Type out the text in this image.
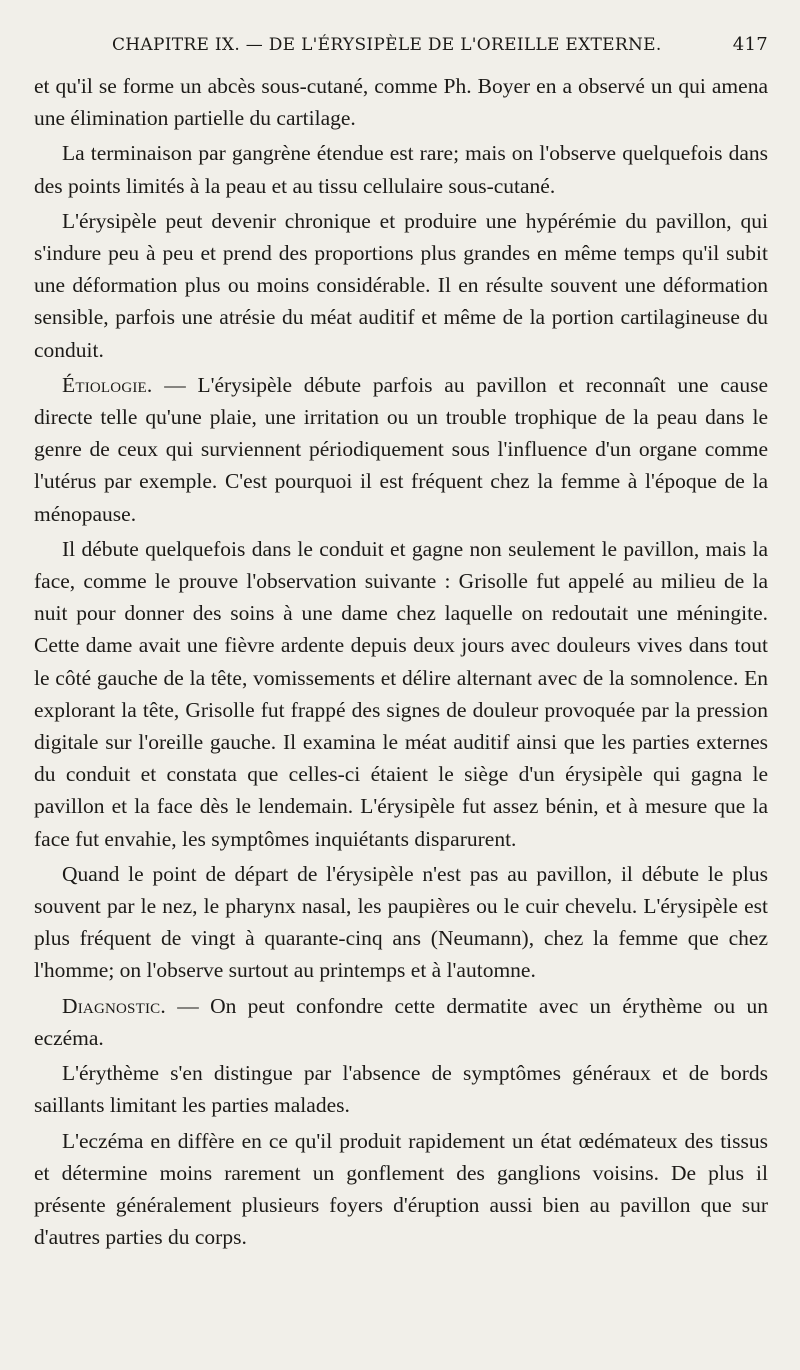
CHAPITRE IX. — DE L'ÉRYSIPÈLE DE L'OREILLE EXTERNE.	417

et qu'il se forme un abcès sous-cutané, comme Ph. Boyer en a observé un qui amena une élimination partielle du cartilage.

La terminaison par gangrène étendue est rare; mais on l'observe quelquefois dans des points limités à la peau et au tissu cellulaire sous-cutané.

L'érysipèle peut devenir chronique et produire une hypérémie du pavillon, qui s'indure peu à peu et prend des proportions plus grandes en même temps qu'il subit une déformation plus ou moins considérable. Il en résulte souvent une déformation sensible, parfois une atrésie du méat auditif et même de la portion cartilagineuse du conduit.

Étiologie. — L'érysipèle débute parfois au pavillon et reconnaît une cause directe telle qu'une plaie, une irritation ou un trouble trophique de la peau dans le genre de ceux qui surviennent périodiquement sous l'influence d'un organe comme l'utérus par exemple. C'est pourquoi il est fréquent chez la femme à l'époque de la ménopause.

Il débute quelquefois dans le conduit et gagne non seulement le pavillon, mais la face, comme le prouve l'observation suivante : Grisolle fut appelé au milieu de la nuit pour donner des soins à une dame chez laquelle on redoutait une méningite. Cette dame avait une fièvre ardente depuis deux jours avec douleurs vives dans tout le côté gauche de la tête, vomissements et délire alternant avec de la somnolence. En explorant la tête, Grisolle fut frappé des signes de douleur provoquée par la pression digitale sur l'oreille gauche. Il examina le méat auditif ainsi que les parties externes du conduit et constata que celles-ci étaient le siège d'un érysipèle qui gagna le pavillon et la face dès le lendemain. L'érysipèle fut assez bénin, et à mesure que la face fut envahie, les symptômes inquiétants disparurent.

Quand le point de départ de l'érysipèle n'est pas au pavillon, il débute le plus souvent par le nez, le pharynx nasal, les paupières ou le cuir chevelu. L'érysipèle est plus fréquent de vingt à quarante-cinq ans (Neumann), chez la femme que chez l'homme; on l'observe surtout au printemps et à l'automne.

Diagnostic. — On peut confondre cette dermatite avec un érythème ou un eczéma.

L'érythème s'en distingue par l'absence de symptômes généraux et de bords saillants limitant les parties malades.

L'eczéma en diffère en ce qu'il produit rapidement un état œdémateux des tissus et détermine moins rarement un gonflement des ganglions voisins. De plus il présente généralement plusieurs foyers d'éruption aussi bien au pavillon que sur d'autres parties du corps.
